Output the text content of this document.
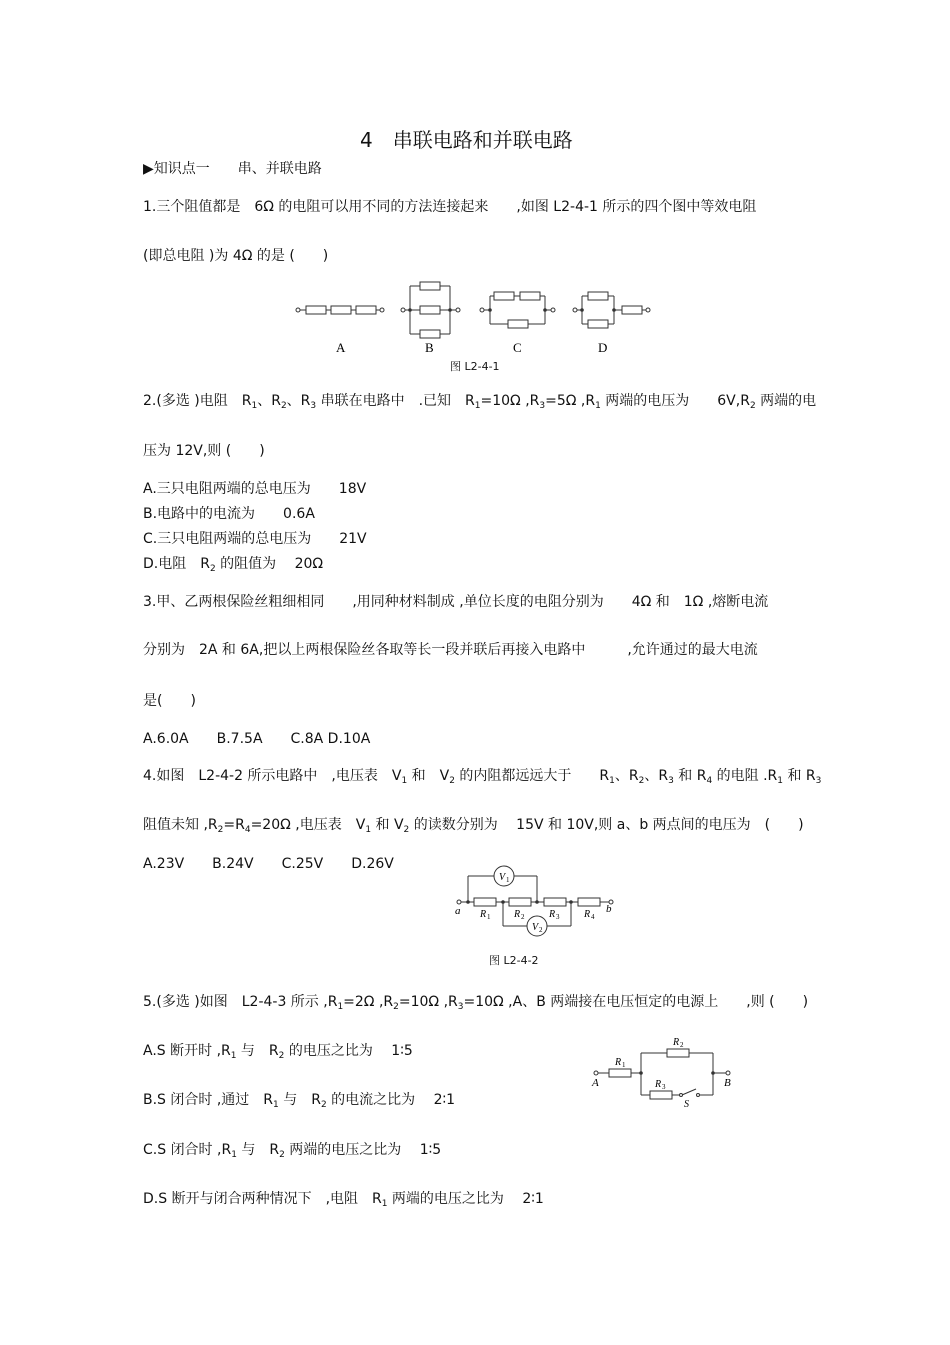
4　串联电路和并联电路
▶知识点一　　串、并联电路
1.三个阻值都是　6Ω 的电阻可以用不同的方法连接起来　　,如图 L2-4-1 所示的四个图中等效电阻
(即总电阻 )为 4Ω 的是 (　　)
A	B	C	D
图 L2-4-1
2.(多选 )电阻　$R_1$、$R_2$、$R_3$ 串联在电路中　.已知　$R_1=10\Omega$ $,R_3=5\Omega$ $,R_1$ 两端的电压为　　$6V,R_2$ 两端的电
压为 12V,则 (　　)
A.三只电阻两端的总电压为　　18V
B.电路中的电流为　　0.6A
C.三只电阻两端的总电压为　　21V
D.电阻　$R_2$ 的阻值为　 20Ω
3.甲、乙两根保险丝粗细相同　　,用同种材料制成 ,单位长度的电阻分别为　　4Ω 和　1Ω ,熔断电流
分别为　2A 和 6A,把以上两根保险丝各取等长一段并联后再接入电路中　　　,允许通过的最大电流
是(　　)
A.6.0A　　B.7.5A　　C.8A D.10A
4.如图　L2-4-2 所示电路中　,电压表　$V_1$ 和　$V_2$ 的内阻都远远大于　　$R_1$、$R_2$、$R_3$ 和 $R_4$ 的电阻 $.R_1$ 和 $R_3$
阻值未知 $,R_2=R_4=20\Omega$ ,电压表　$V_1$ 和 $V_2$ 的读数分别为　 15V 和 10V,则 a、b 两点间的电压为　(　　)
A.23V　　B.24V　　C.25V　　D.26V
V 1
V 2
R 1 R 2 R 3 R 4
a	b
图 L2-4-2
5.(多选 )如图　L2-4-3 所示 $,R_1=2\Omega$ $,R_2=10\Omega$ $,R_3=10\Omega$ ,A、B 两端接在电压恒定的电源上　　,则 (　　)
A.S 断开时 $,R_1$ 与　$R_2$ 的电压之比为　 1∶5
B.S 闭合时 ,通过　$R_1$ 与　$R_2$ 的电流之比为　 2∶1
C.S 闭合时 $,R_1$ 与　$R_2$ 两端的电压之比为　 1∶5
D.S 断开与闭合两种情况下　,电阻　$R_1$ 两端的电压之比为　 2∶1
R 1
R 2
R 3
S
A	B
